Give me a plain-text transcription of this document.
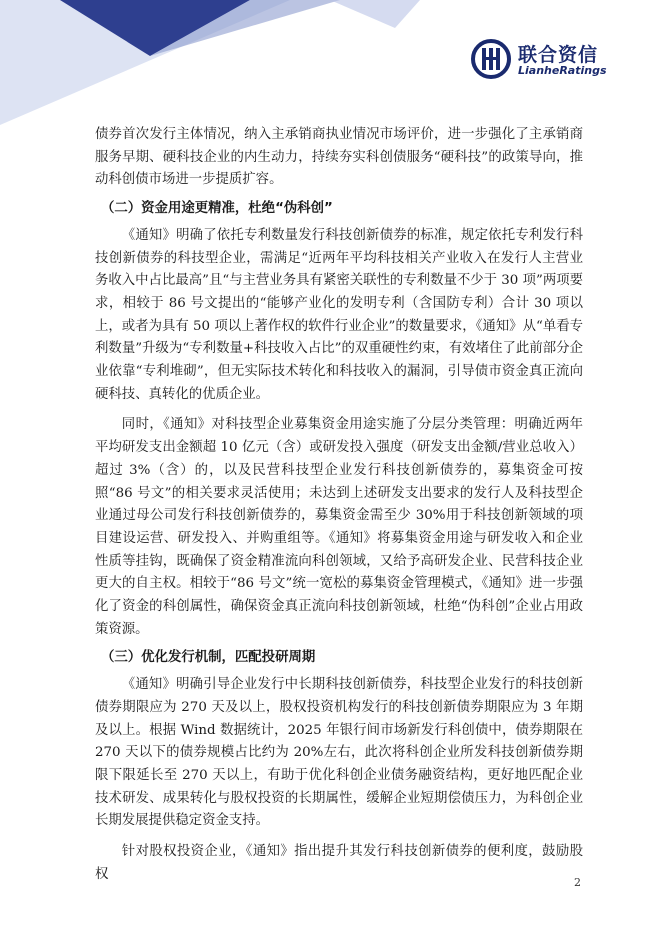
联合资信
LianheRatings

债券首次发行主体情况，纳入主承销商执业情况市场评价，进一步强化了主承销商服务早期、硬科技企业的内生动力，持续夯实科创债服务“硬科技”的政策导向，推动科创债市场进一步提质扩容。

（二）资金用途更精准，杜绝“伪科创”

《通知》明确了依托专利数量发行科技创新债券的标准，规定依托专利发行科技创新债券的科技型企业，需满足“近两年平均科技相关产业收入在发行人主营业务收入中占比最高”且“与主营业务具有紧密关联性的专利数量不少于 30 项”两项要求，相较于 86 号文提出的“能够产业化的发明专利（含国防专利）合计 30 项以上，或者为具有 50 项以上著作权的软件行业企业”的数量要求，《通知》从“单看专利数量”升级为“专利数量+科技收入占比”的双重硬性约束，有效堵住了此前部分企业依靠“专利堆砌”，但无实际技术转化和科技收入的漏洞，引导债市资金真正流向硬科技、真转化的优质企业。

同时，《通知》对科技型企业募集资金用途实施了分层分类管理：明确近两年平均研发支出金额超 10 亿元（含）或研发投入强度（研发支出金额/营业总收入）超过 3%（含）的，以及民营科技型企业发行科技创新债券的，募集资金可按照“86 号文”的相关要求灵活使用；未达到上述研发支出要求的发行人及科技型企业通过母公司发行科技创新债券的，募集资金需至少 30%用于科技创新领域的项目建设运营、研发投入、并购重组等。《通知》将募集资金用途与研发收入和企业性质等挂钩，既确保了资金精准流向科创领域，又给予高研发企业、民营科技企业更大的自主权。相较于“86 号文”统一宽松的募集资金管理模式，《通知》进一步强化了资金的科创属性，确保资金真正流向科技创新领域，杜绝“伪科创”企业占用政策资源。

（三）优化发行机制，匹配投研周期

《通知》明确引导企业发行中长期科技创新债券，科技型企业发行的科技创新债券期限应为 270 天及以上，股权投资机构发行的科技创新债券期限应为 3 年期及以上。根据 Wind 数据统计，2025 年银行间市场新发行科创债中，债券期限在 270 天以下的债券规模占比约为 20%左右，此次将科创企业所发科技创新债券期限下限延长至 270 天以上，有助于优化科创企业债务融资结构，更好地匹配企业技术研发、成果转化与股权投资的长期属性，缓解企业短期偿债压力，为科创企业长期发展提供稳定资金支持。

针对股权投资企业，《通知》指出提升其发行科技创新债券的便利度，鼓励股权

2
